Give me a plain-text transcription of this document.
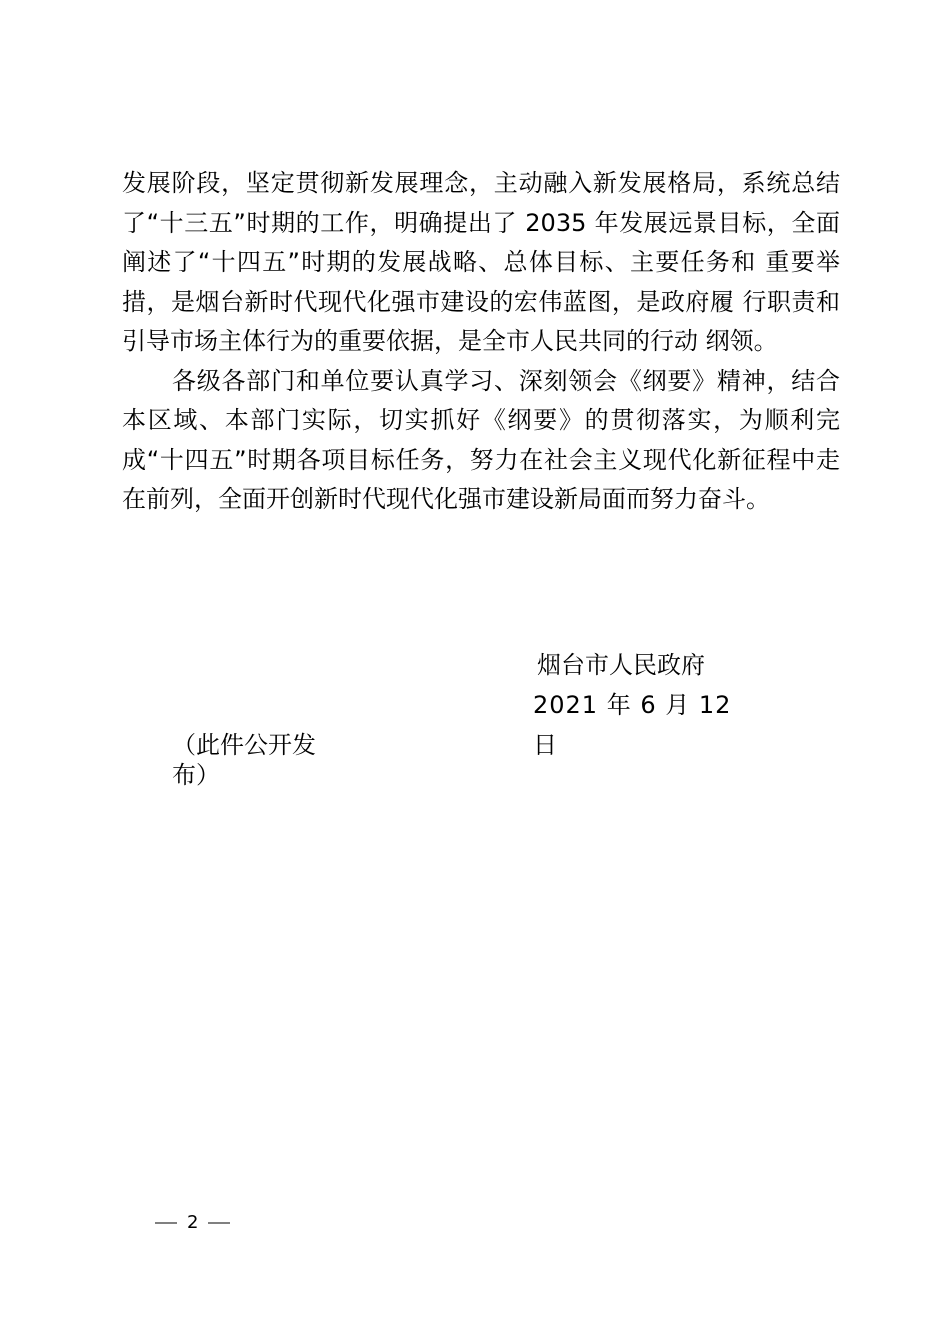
发展阶段，坚定贯彻新发展理念，主动融入新发展格局，系统总结了“十三五”时期的工作，明确提出了 2035 年发展远景目标，全面阐述了“十四五”时期的发展战略、总体目标、主要任务和 重要举措，是烟台新时代现代化强市建设的宏伟蓝图，是政府履 行职责和引导市场主体行为的重要依据，是全市人民共同的行动 纲领。

各级各部门和单位要认真学习、深刻领会《纲要》精神，结合本区域、本部门实际，切实抓好《纲要》的贯彻落实，为顺利完成“十四五”时期各项目标任务，努力在社会主义现代化新征程中走在前列，全面开创新时代现代化强市建设新局面而努力奋斗。

烟台市人民政府
2021 年 6 月 12 日
（此件公开发布）
2
